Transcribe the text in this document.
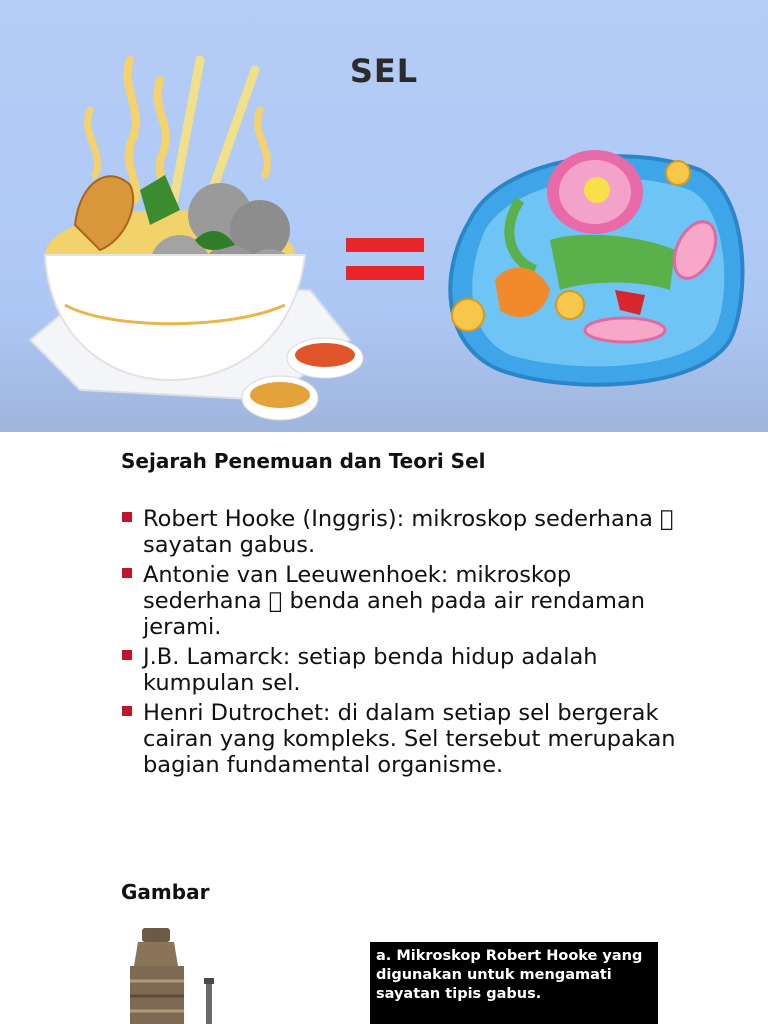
SEL
Sejarah Penemuan dan Teori Sel
Robert Hooke (Inggris): mikroskop sederhana sayatan gabus.
Antonie van Leeuwenhoek: mikroskop sederhana benda aneh pada air rendaman jerami.
J.B. Lamarck: setiap benda hidup adalah kumpulan sel.
Henri Dutrochet: di dalam setiap sel bergerak cairan yang kompleks. Sel tersebut merupakan bagian fundamental organisme.
Gambar
a. Mikroskop Robert Hooke yang digunakan untuk mengamati sayatan tipis gabus.
